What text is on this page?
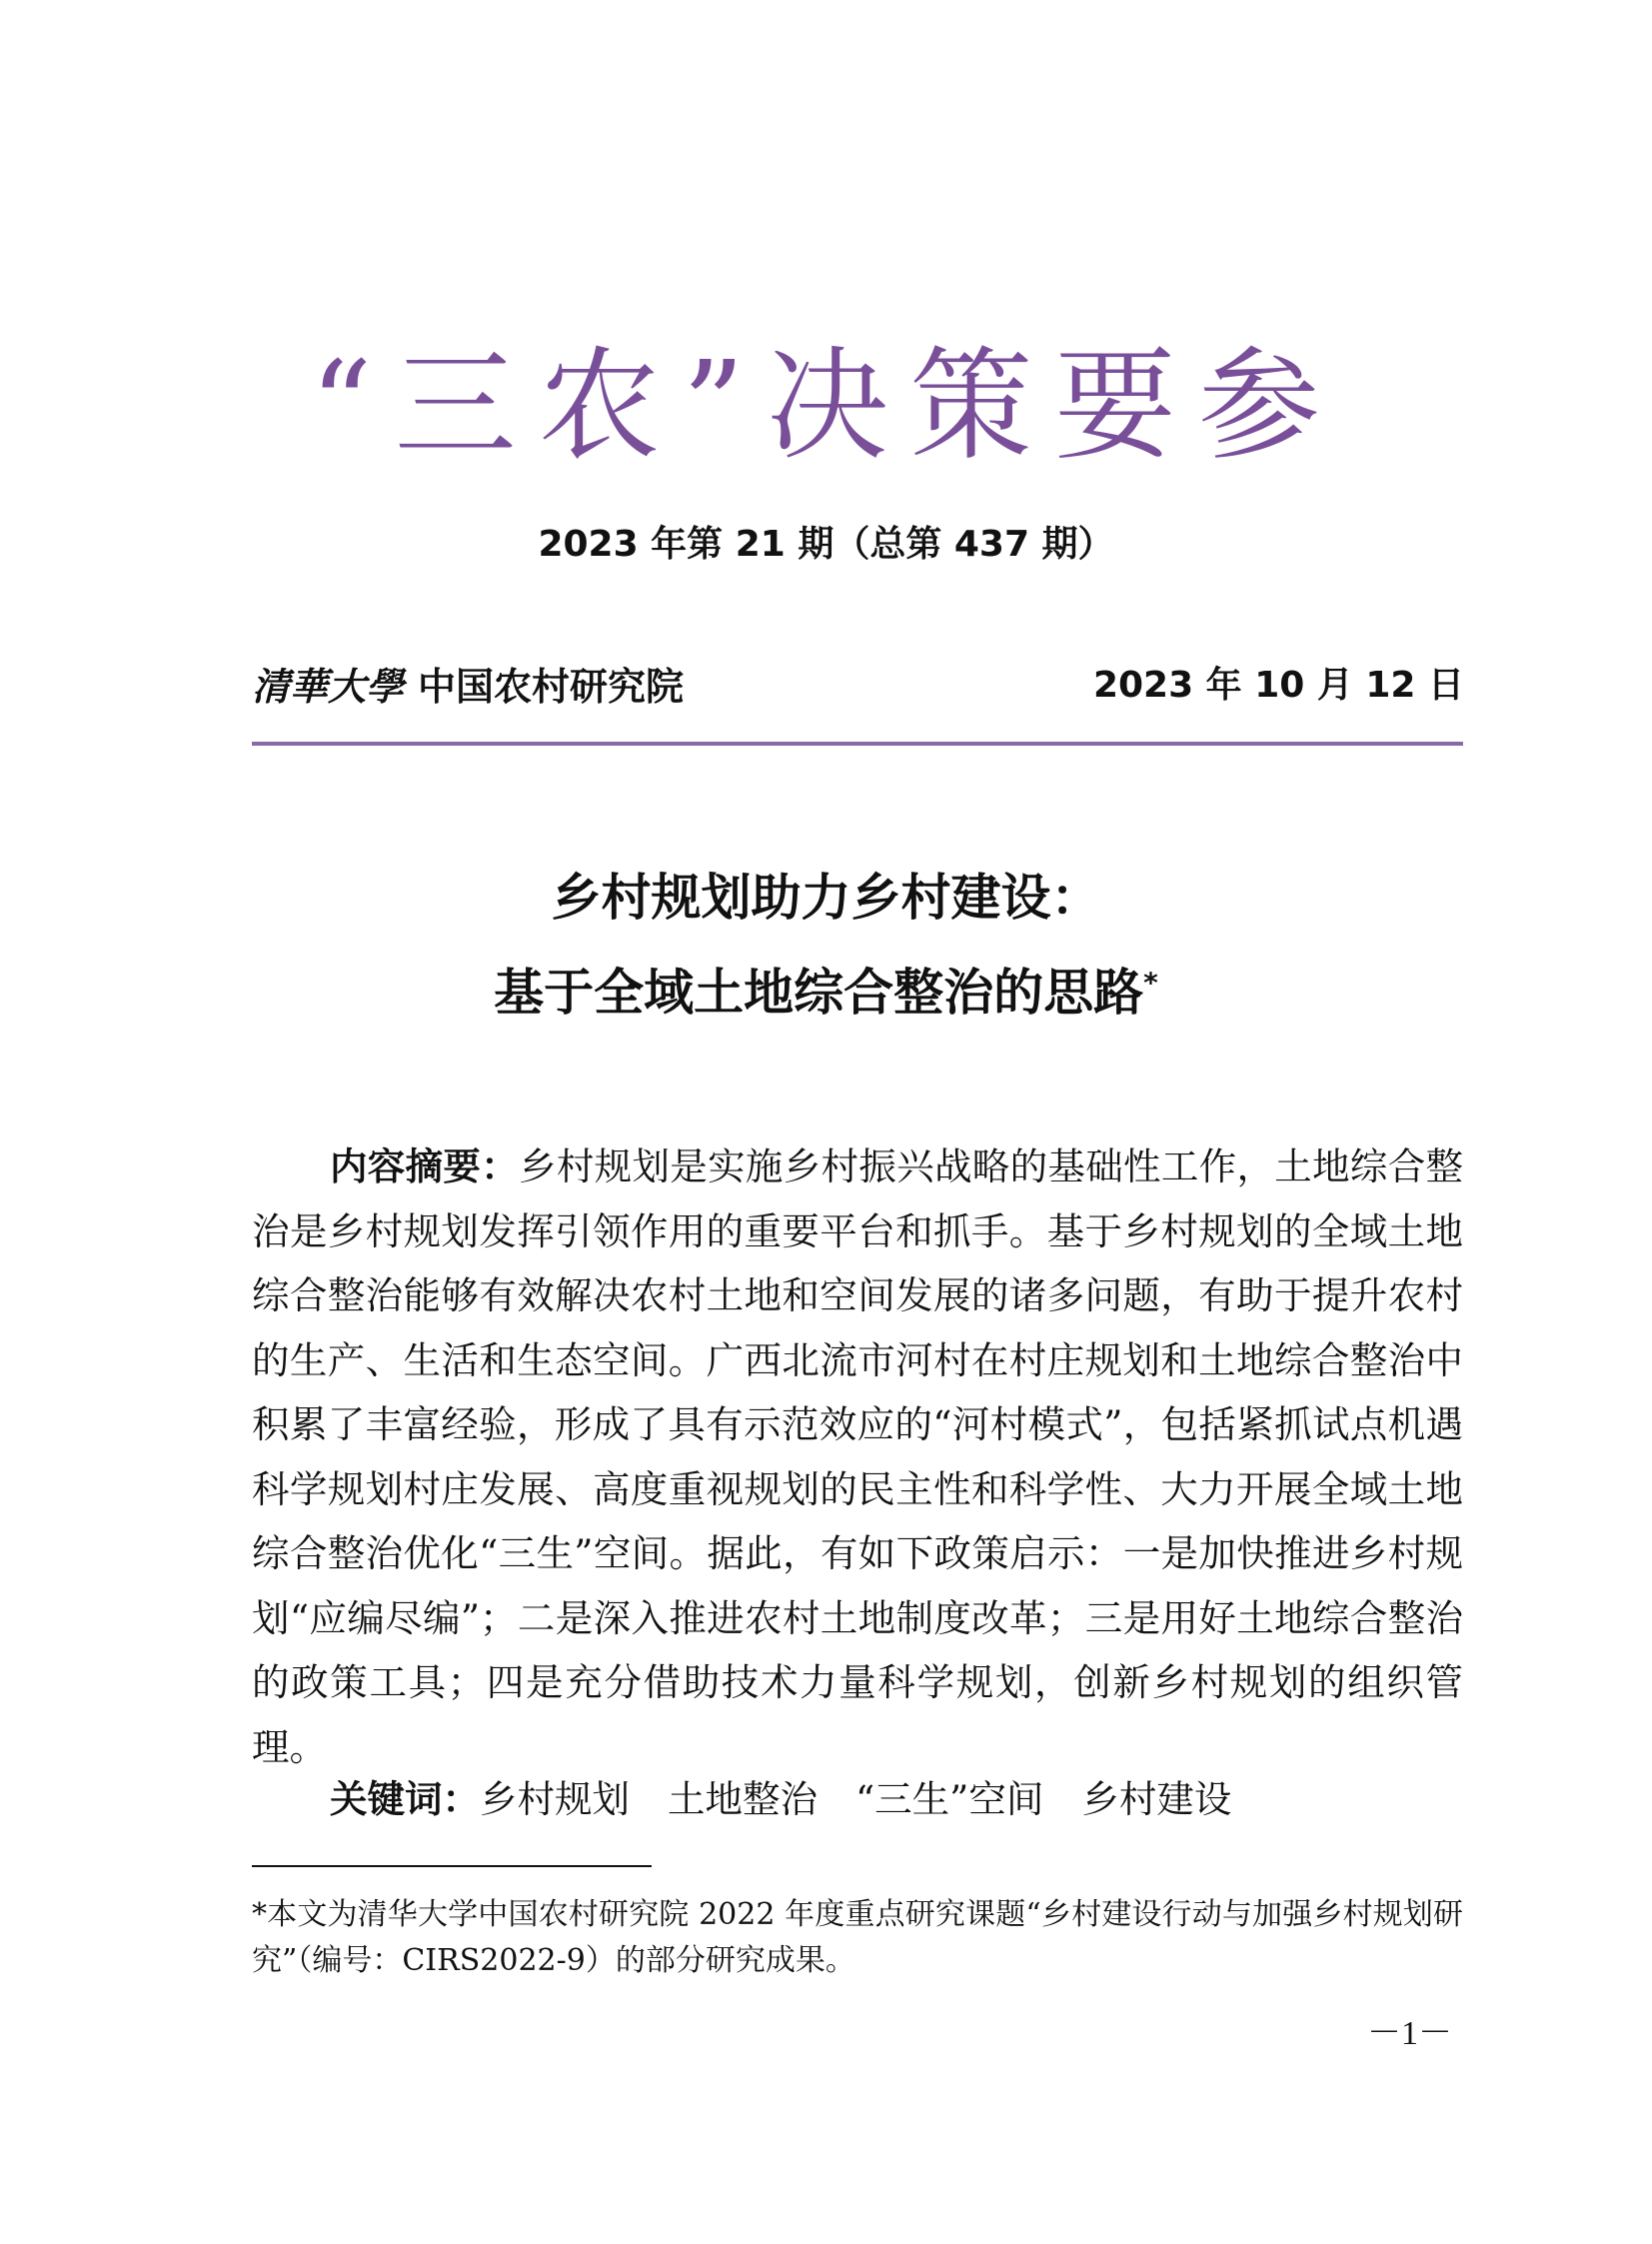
“三农”决策要参
2023 年第 21 期（总第 437 期）
清華大學 中国农村研究院	2023 年 10 月 12 日
乡村规划助力乡村建设：
基于全域土地综合整治的思路*

内容摘要：乡村规划是实施乡村振兴战略的基础性工作，土地综合整治是乡村规划发挥引领作用的重要平台和抓手。基于乡村规划的全域土地综合整治能够有效解决农村土地和空间发展的诸多问题，有助于提升农村的生产、生活和生态空间。广西北流市河村在村庄规划和土地综合整治中积累了丰富经验，形成了具有示范效应的“河村模式”，包括紧抓试点机遇科学规划村庄发展、高度重视规划的民主性和科学性、大力开展全域土地综合整治优化“三生”空间。据此，有如下政策启示：一是加快推进乡村规划“应编尽编”；二是深入推进农村土地制度改革；三是用好土地综合整治的政策工具；四是充分借助技术力量科学规划，创新乡村规划的组织管理。

关键词：乡村规划 土地整治 “三生”空间 乡村建设

*本文为清华大学中国农村研究院 2022 年度重点研究课题“乡村建设行动与加强乡村规划研究”（编号：CIRS2022-9）的部分研究成果。

－1－
